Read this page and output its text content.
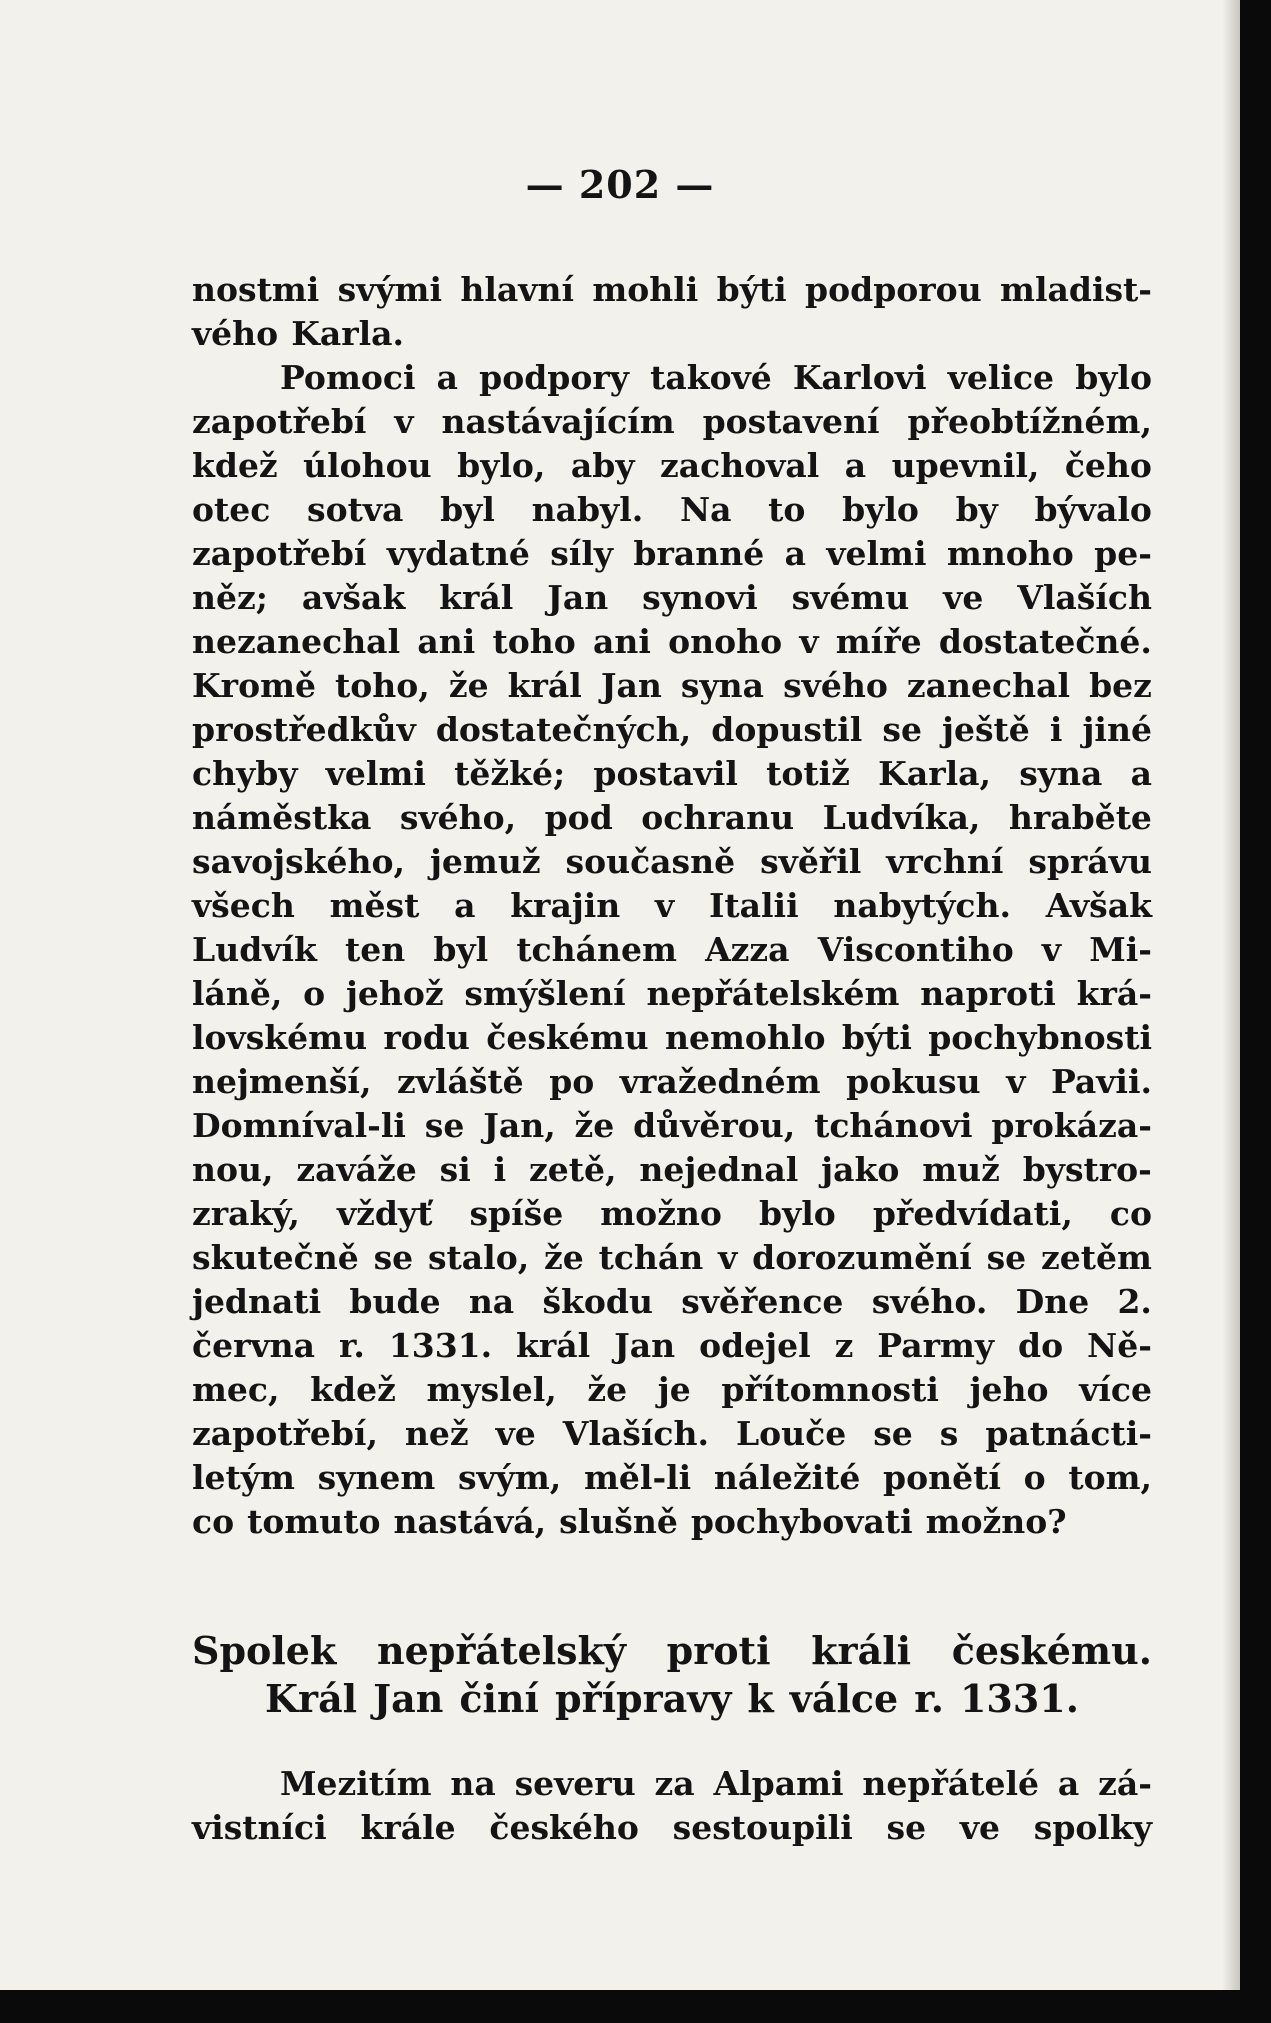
— 202 —
nostmi svými hlavní mohli býti podporou mladist-
vého Karla.
Pomoci a podpory takové Karlovi velice bylo
zapotřebí v nastávajícím postavení přeobtížném,
kdež úlohou bylo, aby zachoval a upevnil, čeho
otec sotva byl nabyl. Na to bylo by bývalo
zapotřebí vydatné síly branné a velmi mnoho pe-
něz; avšak král Jan synovi svému ve Vlaších
nezanechal ani toho ani onoho v míře dostatečné.
Kromě toho, že král Jan syna svého zanechal bez
prostředkův dostatečných, dopustil se ještě i jiné
chyby velmi těžké; postavil totiž Karla, syna a
náměstka svého, pod ochranu Ludvíka, hraběte
savojského, jemuž současně svěřil vrchní správu
všech měst a krajin v Italii nabytých. Avšak
Ludvík ten byl tchánem Azza Viscontiho v Mi-
láně, o jehož smýšlení nepřátelském naproti krá-
lovskému rodu českému nemohlo býti pochybnosti
nejmenší, zvláště po vražedném pokusu v Pavii.
Domníval-li se Jan, že důvěrou, tchánovi prokáza-
nou, zaváže si i zetě, nejednal jako muž bystro-
zraký, vždyť spíše možno bylo předvídati, co
skutečně se stalo, že tchán v dorozumění se zetěm
jednati bude na škodu svěřence svého. Dne 2.
června r. 1331. král Jan odejel z Parmy do Ně-
mec, kdež myslel, že je přítomnosti jeho více
zapotřebí, než ve Vlaších. Louče se s patnácti-
letým synem svým, měl-li náležité ponětí o tom,
co tomuto nastává, slušně pochybovati možno?
Spolek nepřátelský proti králi českému.
Král Jan činí přípravy k válce r. 1331.
Mezitím na severu za Alpami nepřátelé a zá-
vistníci krále českého sestoupili se ve spolky
